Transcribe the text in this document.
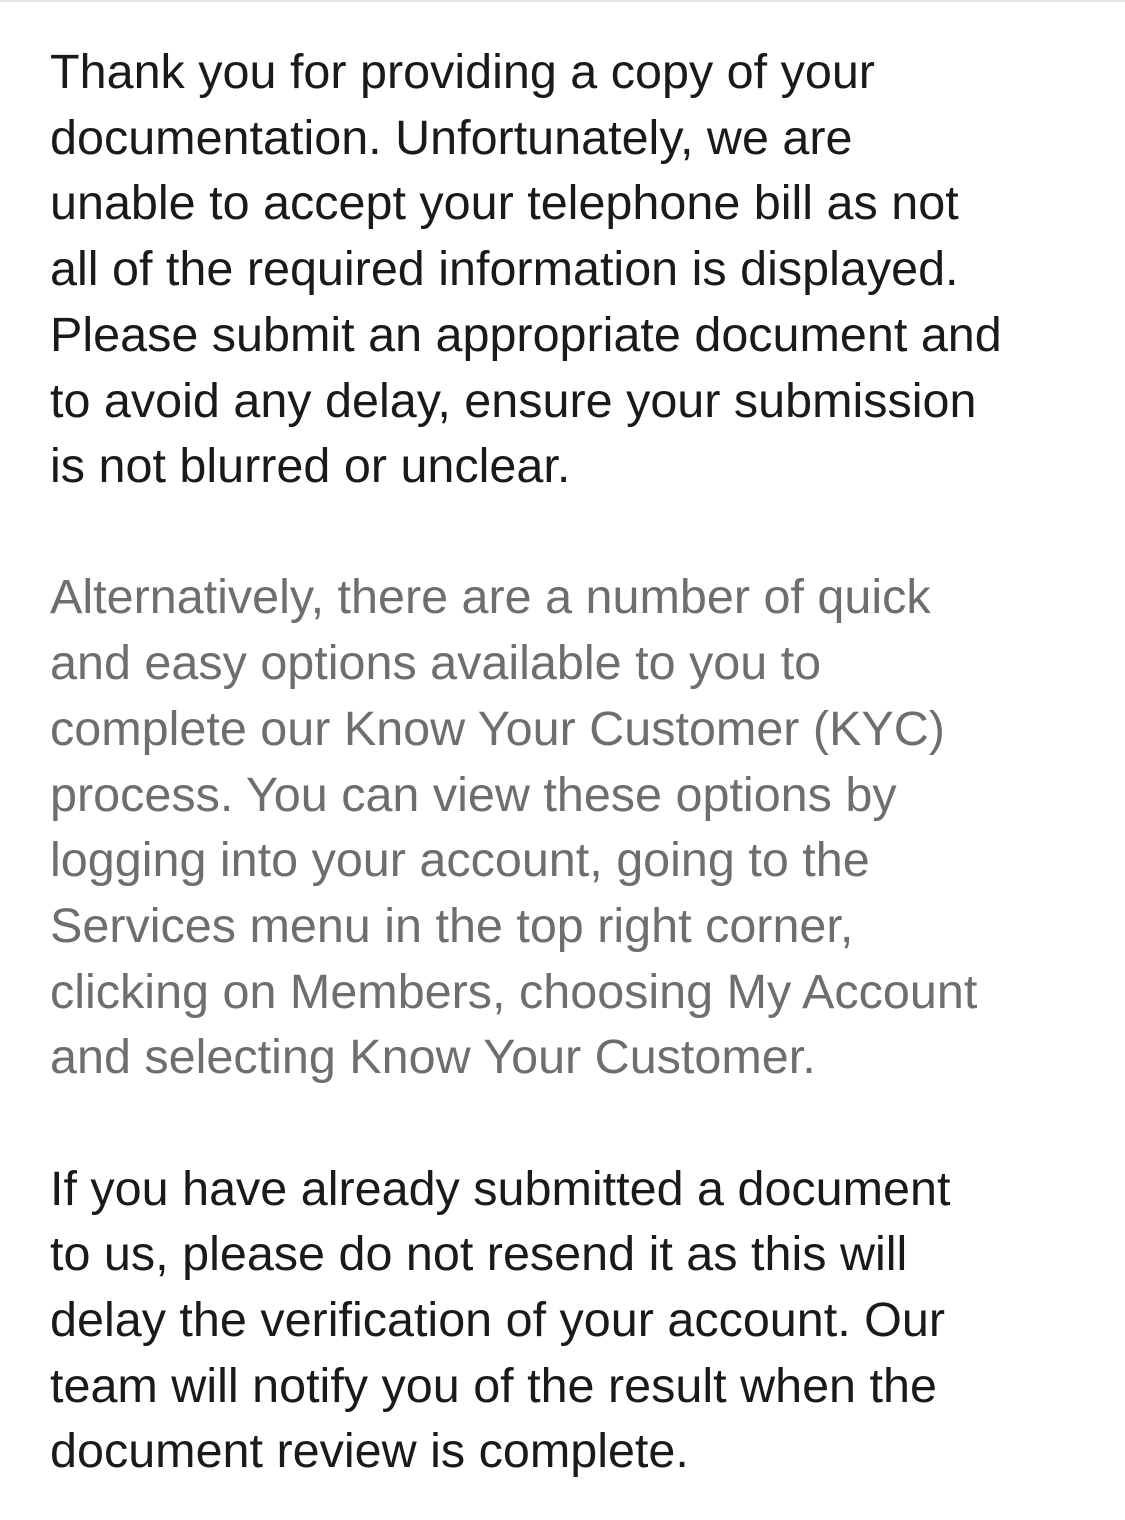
Thank you for providing a copy of your
documentation. Unfortunately, we are
unable to accept your telephone bill as not
all of the required information is displayed.
Please submit an appropriate document and
to avoid any delay, ensure your submission
is not blurred or unclear.

Alternatively, there are a number of quick
and easy options available to you to
complete our Know Your Customer (KYC)
process. You can view these options by
logging into your account, going to the
Services menu in the top right corner,
clicking on Members, choosing My Account
and selecting Know Your Customer.

If you have already submitted a document
to us, please do not resend it as this will
delay the verification of your account. Our
team will notify you of the result when the
document review is complete.
